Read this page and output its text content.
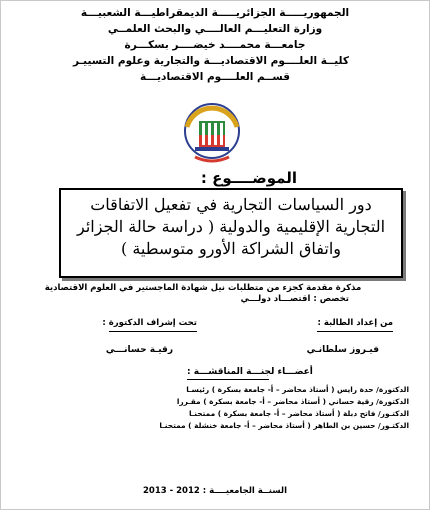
الجمهوريـــــة الجزائريـــــة الديمقراطيـــة الشعبيـــة
وزارة التعليـــم العالــــي والبحث العلمــي
جامعـــة محمــــد خيضــــر بسكـــرة
كليــة العلــــوم الاقتصاديـــة والتجارية وعلوم التسييـر
قســم العلــــوم الاقتصاديـــة
الموضــــوع :
دور السياسات التجارية في تفعيل الاتفاقات التجارية الإقليمية والدولية ( دراسة حالة الجزائر واتفاق الشراكة الأورو متوسطية )
مذكرة مقدمة كجزء من متطلبات نيل شهادة الماجستير في العلوم الاقتصادية
تخصص : اقتصـــاد دولـــي
من إعداد الطالبة :
تحت إشراف الدكتورة :
فيـروز سلطانـي
رقيـة حسانـــي
أعضـــاء لجنـــة المناقشـــة :
الدكتورة/ حدة رايس ( أستاذ محاضر – أ- جامعة بسكرة ) رئيسـا
الدكتورة/ رقية حساني ( أستاذ محاضر – أ- جامعة بسكرة ) مقـررا
الدكتـور/ فاتح دبلة ( أستاذ محاضر – أ- جامعة بسكرة ) ممتحنـا
الدكتـور/ حسين بن الطاهر ( أستاذ محاضر – أ- جامعة خنشلة ) ممتحنـا
السنــة الجامعيــــة : 2012 - 2013
